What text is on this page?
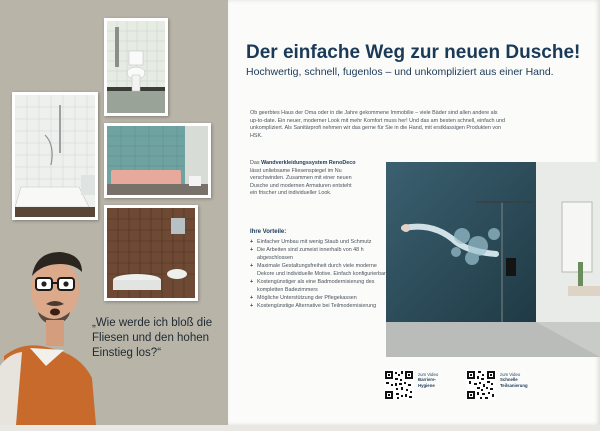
„Wie werde ich bloß die Fliesen und den hohen Einstieg los?“
Der einfache Weg zur neuen Dusche!
Hochwertig, schnell, fugenlos – und unkompliziert aus einer Hand.
Ob geerbtes Haus der Oma oder in die Jahre gekommene Immobilie – viele Bäder sind allen andere als up-to-date. Ein neuer, moderner Look mit mehr Komfort muss her! Und das am besten schnell, einfach und unkompliziert. Als Sanitärprofi nehmen wir das gerne für Sie in die Hand, mit erstklassigen Produkten von HSK.
Das Wandverkleidungssystem RenoDeco lässt unliebsame Fliesenspiegel im Nu verschwinden. Zusammen mit einer neuen Dusche und modernen Armaturen entsteht ein frischer und individueller Look.
Ihre Vorteile:
+ Einfacher Umbau mit wenig Staub und Schmutz
+ Die Arbeiten sind zumeist innerhalb von 48 h abgeschlossen
+ Maximale Gestaltungsfreiheit durch viele moderne Dekore und individuelle Motive. Einfach konfigurierbar
+ Kostengünstiger als eine Badmodernisierung des kompletten Badezimmers
+ Mögliche Unterstützung der Pflegekassen
+ Kostengünstige Alternative bei Teilmodernisierung
zum Video
Barriere-
Hygiene
zum Video
Schnelle
Teilsanierung
